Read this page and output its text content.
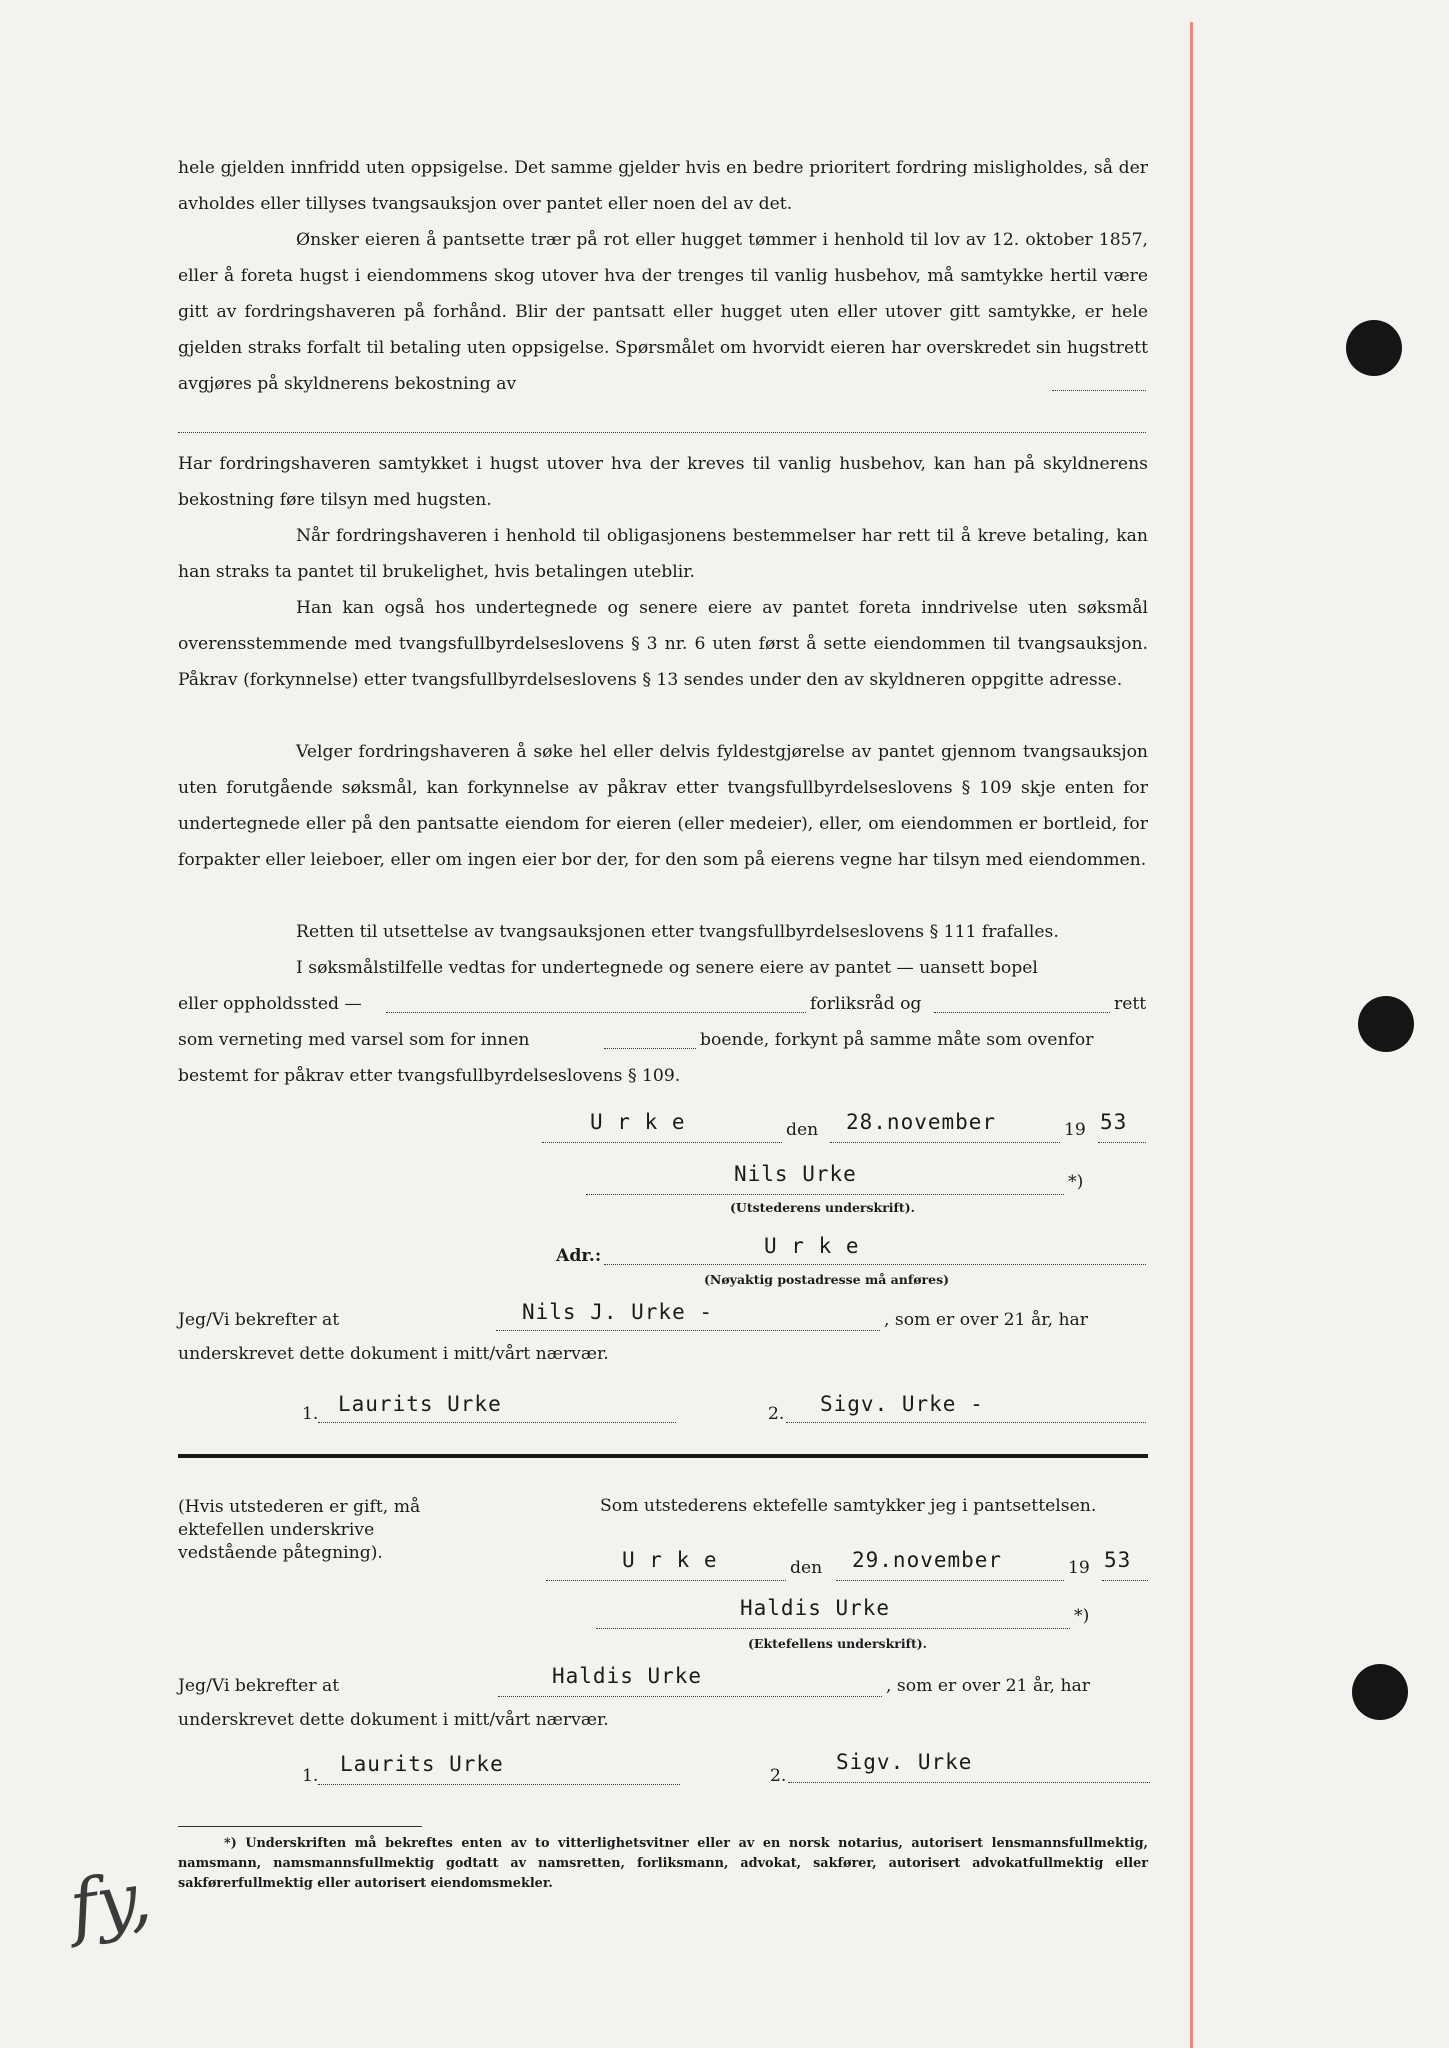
hele gjelden innfridd uten oppsigelse. Det samme gjelder hvis en bedre prioritert fordring misligholdes, så der avholdes eller tillyses tvangsauksjon over pantet eller noen del av det.

Ønsker eieren å pantsette trær på rot eller hugget tømmer i henhold til lov av 12. oktober 1857, eller å foreta hugst i eiendommens skog utover hva der trenges til vanlig husbehov, må samtykke hertil være gitt av fordringshaveren på forhånd. Blir der pantsatt eller hugget uten eller utover gitt samtykke, er hele gjelden straks forfalt til betaling uten oppsigelse. Spørsmålet om hvorvidt eieren har overskredet sin hugstrett avgjøres på skyldnerens bekostning av

Har fordringshaveren samtykket i hugst utover hva der kreves til vanlig husbehov, kan han på skyldnerens bekostning føre tilsyn med hugsten.

Når fordringshaveren i henhold til obligasjonens bestemmelser har rett til å kreve betaling, kan han straks ta pantet til brukelighet, hvis betalingen uteblir.

Han kan også hos undertegnede og senere eiere av pantet foreta inndrivelse uten søksmål overensstemmende med tvangsfullbyrdelseslovens § 3 nr. 6 uten først å sette eiendommen til tvangsauksjon. Påkrav (forkynnelse) etter tvangsfullbyrdelseslovens § 13 sendes under den av skyldneren oppgitte adresse.

Velger fordringshaveren å søke hel eller delvis fyldestgjørelse av pantet gjennom tvangsauksjon uten forutgående søksmål, kan forkynnelse av påkrav etter tvangsfullbyrdelseslovens § 109 skje enten for undertegnede eller på den pantsatte eiendom for eieren (eller medeier), eller, om eiendommen er bortleid, for forpakter eller leieboer, eller om ingen eier bor der, for den som på eierens vegne har tilsyn med eiendommen.

Retten til utsettelse av tvangsauksjonen etter tvangsfullbyrdelseslovens § 111 frafalles.

I søksmålstilfelle vedtas for undertegnede og senere eiere av pantet — uansett bopel

eller oppholdssted —	forliksråd og	rett
som verneting med varsel som for innen	boende, forkynt på samme måte som ovenfor
bestemt for påkrav etter tvangsfullbyrdelseslovens § 109.
U r k e	den 28.november	19 53
Nils Urke	*)
(Utstederens underskrift).
Adr.:	U r k e
(Nøyaktig postadresse må anføres)
Jeg/Vi bekrefter at	Nils J. Urke -	, som er over 21 år, har
underskrevet dette dokument i mitt/vårt nærvær.
1. Laurits Urke	2. Sigv. Urke -
(Hvis utstederen er gift, må ektefellen underskrive vedstående påtegning).
Som utstederens ektefelle samtykker jeg i pantsettelsen.
U r k e	den 29.november	19 53
Haldis Urke	*)
(Ektefellens underskrift).
Jeg/Vi bekrefter at	Haldis Urke	, som er over 21 år, har
underskrevet dette dokument i mitt/vårt nærvær.
1. Laurits Urke	2.
Sigv. Urke

*) Underskriften må bekreftes enten av to vitterlighetsvitner eller av en norsk notarius, autorisert lensmannsfullmektig, namsmann, namsmannsfullmektig godtatt av namsretten, forliksmann, advokat, sakfører, autorisert advokatfullmektig eller sakførerfullmektig eller autorisert eiendomsmekler.

fy,
